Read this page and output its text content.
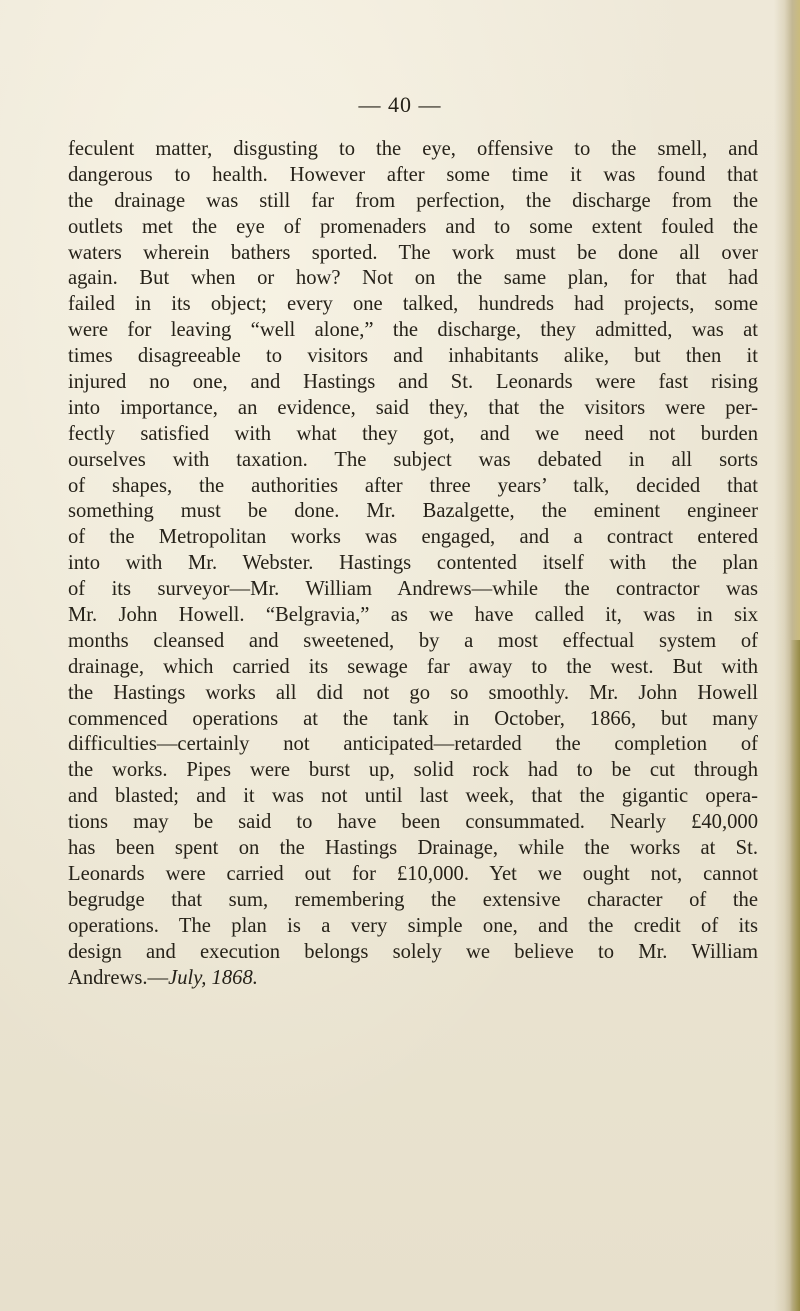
— 40 —
feculent matter, disgusting to the eye, offensive to the smell, and
dangerous to health. However after some time it was found that
the drainage was still far from perfection, the discharge from the
outlets met the eye of promenaders and to some extent fouled the
waters wherein bathers sported. The work must be done all over
again. But when or how? Not on the same plan, for that had
failed in its object; every one talked, hundreds had projects, some
were for leaving “well alone,” the discharge, they admitted, was at
times disagreeable to visitors and inhabitants alike, but then it
injured no one, and Hastings and St. Leonards were fast rising
into importance, an evidence, said they, that the visitors were per-
fectly satisfied with what they got, and we need not burden
ourselves with taxation. The subject was debated in all sorts
of shapes, the authorities after three years’ talk, decided that
something must be done. Mr. Bazalgette, the eminent engineer
of the Metropolitan works was engaged, and a contract entered
into with Mr. Webster. Hastings contented itself with the plan
of its surveyor—Mr. William Andrews—while the contractor was
Mr. John Howell. “Belgravia,” as we have called it, was in six
months cleansed and sweetened, by a most effectual system of
drainage, which carried its sewage far away to the west. But with
the Hastings works all did not go so smoothly. Mr. John Howell
commenced operations at the tank in October, 1866, but many
difficulties—certainly not anticipated—retarded the completion of
the works. Pipes were burst up, solid rock had to be cut through
and blasted; and it was not until last week, that the gigantic opera-
tions may be said to have been consummated. Nearly £40,000
has been spent on the Hastings Drainage, while the works at St.
Leonards were carried out for £10,000. Yet we ought not, cannot
begrudge that sum, remembering the extensive character of the
operations. The plan is a very simple one, and the credit of its
design and execution belongs solely we believe to Mr. William
Andrews.—July, 1868.
